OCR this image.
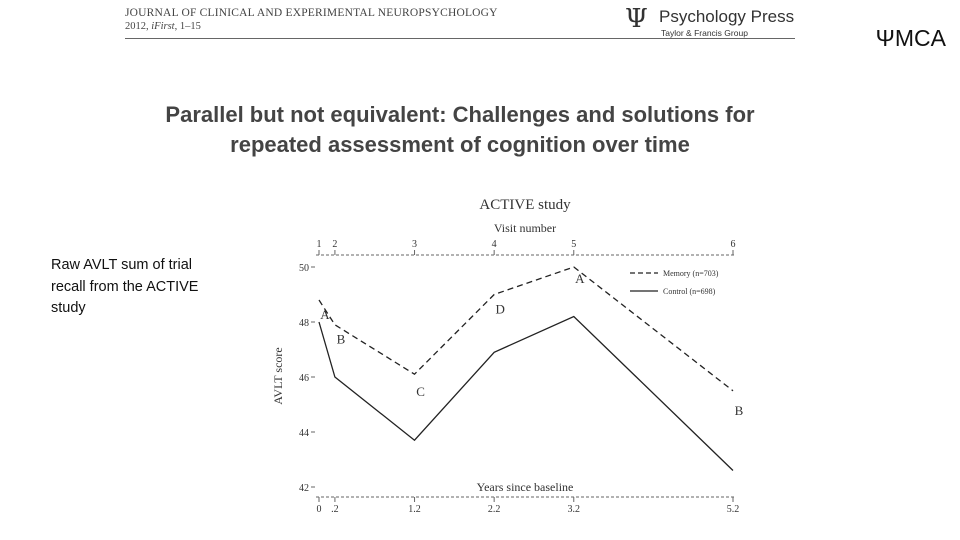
JOURNAL OF CLINICAL AND EXPERIMENTAL NEUROPSYCHOLOGY
2012, iFirst, 1–15	Ψ Psychology Press
Taylor & Francis Group	ΨMCA
Parallel but not equivalent: Challenges and solutions for
repeated assessment of cognition over time
Raw AVLT sum of trial recall from the ACTIVE study
ACTIVE study
Visit number
Years since baseline
AVLT score
1
0
2
.2
3
1.2
4
2.2
5
3.2
6
5.2
42
44
46
48
50
A
B
C
D
A
B
Memory (n=703)
Control (n=698)
